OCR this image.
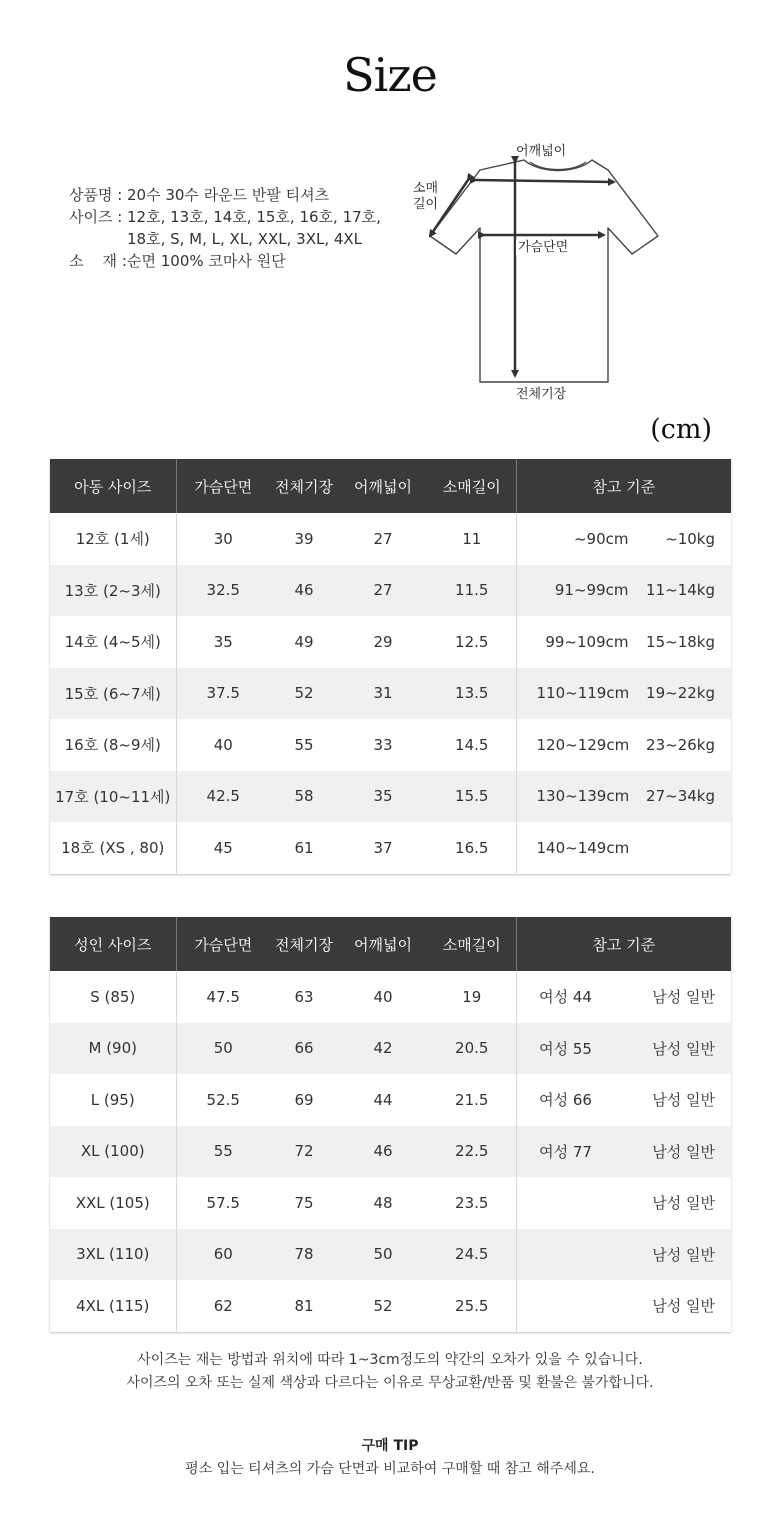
Size
상품명 : 20수 30수 라운드 반팔 티셔츠
사이즈 : 12호, 13호, 14호, 15호, 16호, 17호,
18호, S, M, L, XL, XXL, 3XL, 4XL
소    재 : 순면 100% 코마사 원단
어깨넓이
소매
길이
가슴단면
전체기장
(cm)
아동 사이즈	가슴단면	전체기장	어깨넓이	소매길이	참고 기준
12호 (1세)	30	39	27	11	~90cm ~10kg

13호 (2~3세)	32.5	46	27	11.5	91~99cm 11~14kg

14호 (4~5세)	35	49	29	12.5	99~109cm 15~18kg

15호 (6~7세)	37.5	52	31	13.5	110~119cm 19~22kg

16호 (8~9세)	40	55	33	14.5	120~129cm 23~26kg

17호 (10~11세)	42.5	58	35	15.5	130~139cm 27~34kg

18호 (XS , 80)	45	61	37	16.5	140~149cm
성인 사이즈	가슴단면	전체기장	어깨넓이	소매길이	참고 기준
S (85)	47.5	63	40	19	여성 44 남성 일반

M (90)	50	66	42	20.5	여성 55 남성 일반

L (95)	52.5	69	44	21.5	여성 66 남성 일반

XL (100)	55	72	46	22.5	여성 77 남성 일반

XXL (105)	57.5	75	48	23.5	남성 일반

3XL (110)	60	78	50	24.5	남성 일반

4XL (115)	62	81	52	25.5	남성 일반
사이즈는 재는 방법과 위치에 따라 1~3cm정도의 약간의 오차가 있을 수 있습니다.
사이즈의 오차 또는 실제 색상과 다르다는 이유로 무상교환/반품 및 환불은 불가합니다.
구매 TIP
평소 입는 티셔츠의 가슴 단면과 비교하여 구매할 때 참고 해주세요.
